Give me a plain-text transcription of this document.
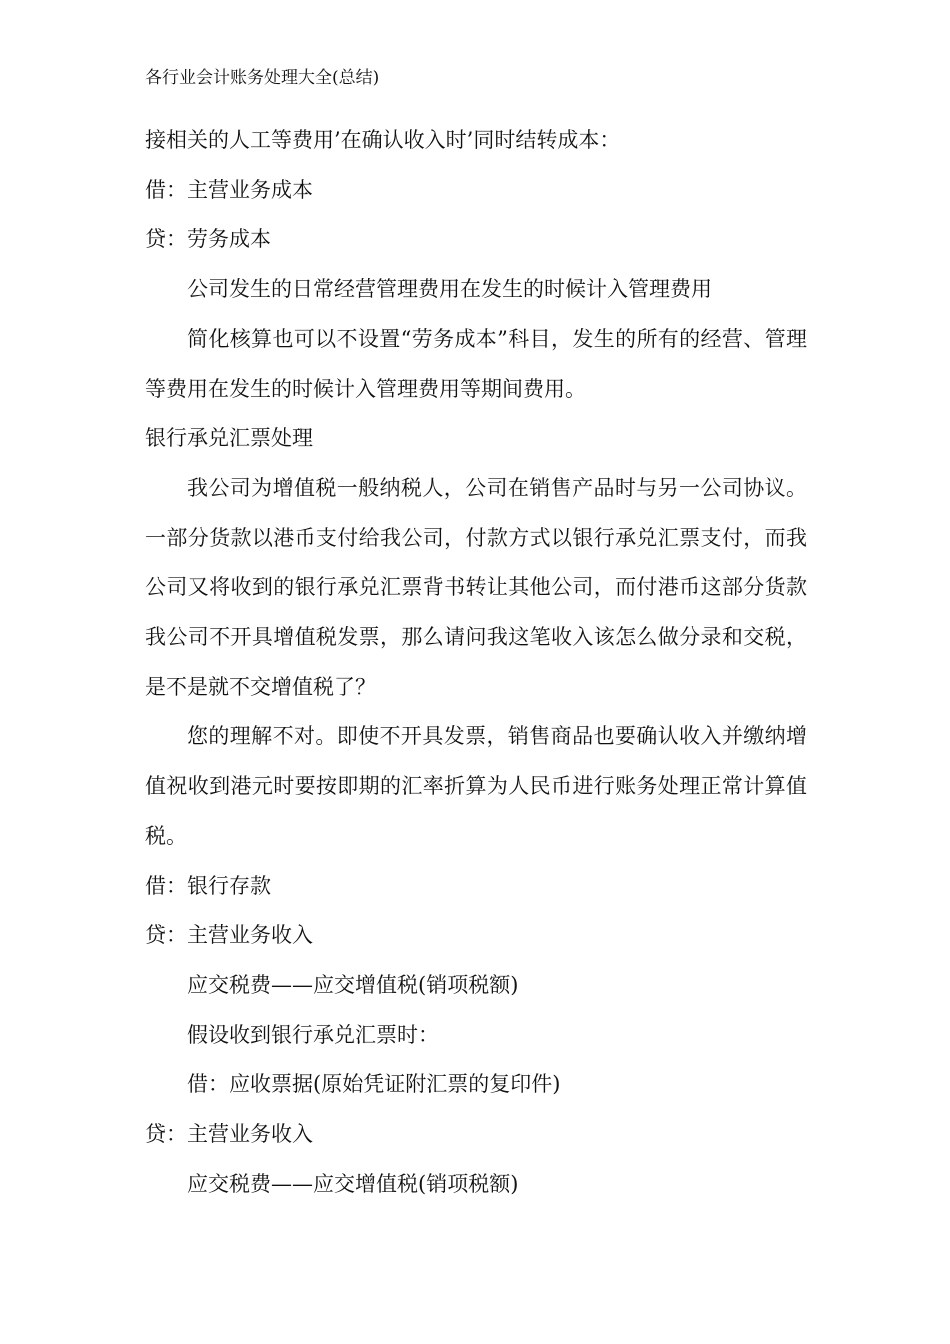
各行业会计账务处理大全(总结)

接相关的人工等费用’在确认收入时’同时结转成本：

借：主营业务成本

贷：劳务成本

公司发生的日常经营管理费用在发生的时候计入管理费用

简化核算也可以不设置“劳务成本”科目，发生的所有的经营、管理等费用在发生的时候计入管理费用等期间费用。

银行承兑汇票处理

我公司为增值税一般纳税人，公司在销售产品时与另一公司协议。一部分货款以港币支付给我公司，付款方式以银行承兑汇票支付，而我公司又将收到的银行承兑汇票背书转让其他公司，而付港币这部分货款我公司不开具增值税发票，那么请问我这笔收入该怎么做分录和交税，是不是就不交增值税了？

您的理解不对。即使不开具发票，销售商品也要确认收入并缴纳增值祝收到港元时要按即期的汇率折算为人民币进行账务处理正常计算值税。

借：银行存款

贷：主营业务收入

应交税费——应交增值税(销项税额)

假设收到银行承兑汇票时：

借：应收票据(原始凭证附汇票的复印件)

贷：主营业务收入

应交税费——应交增值税(销项税额)
